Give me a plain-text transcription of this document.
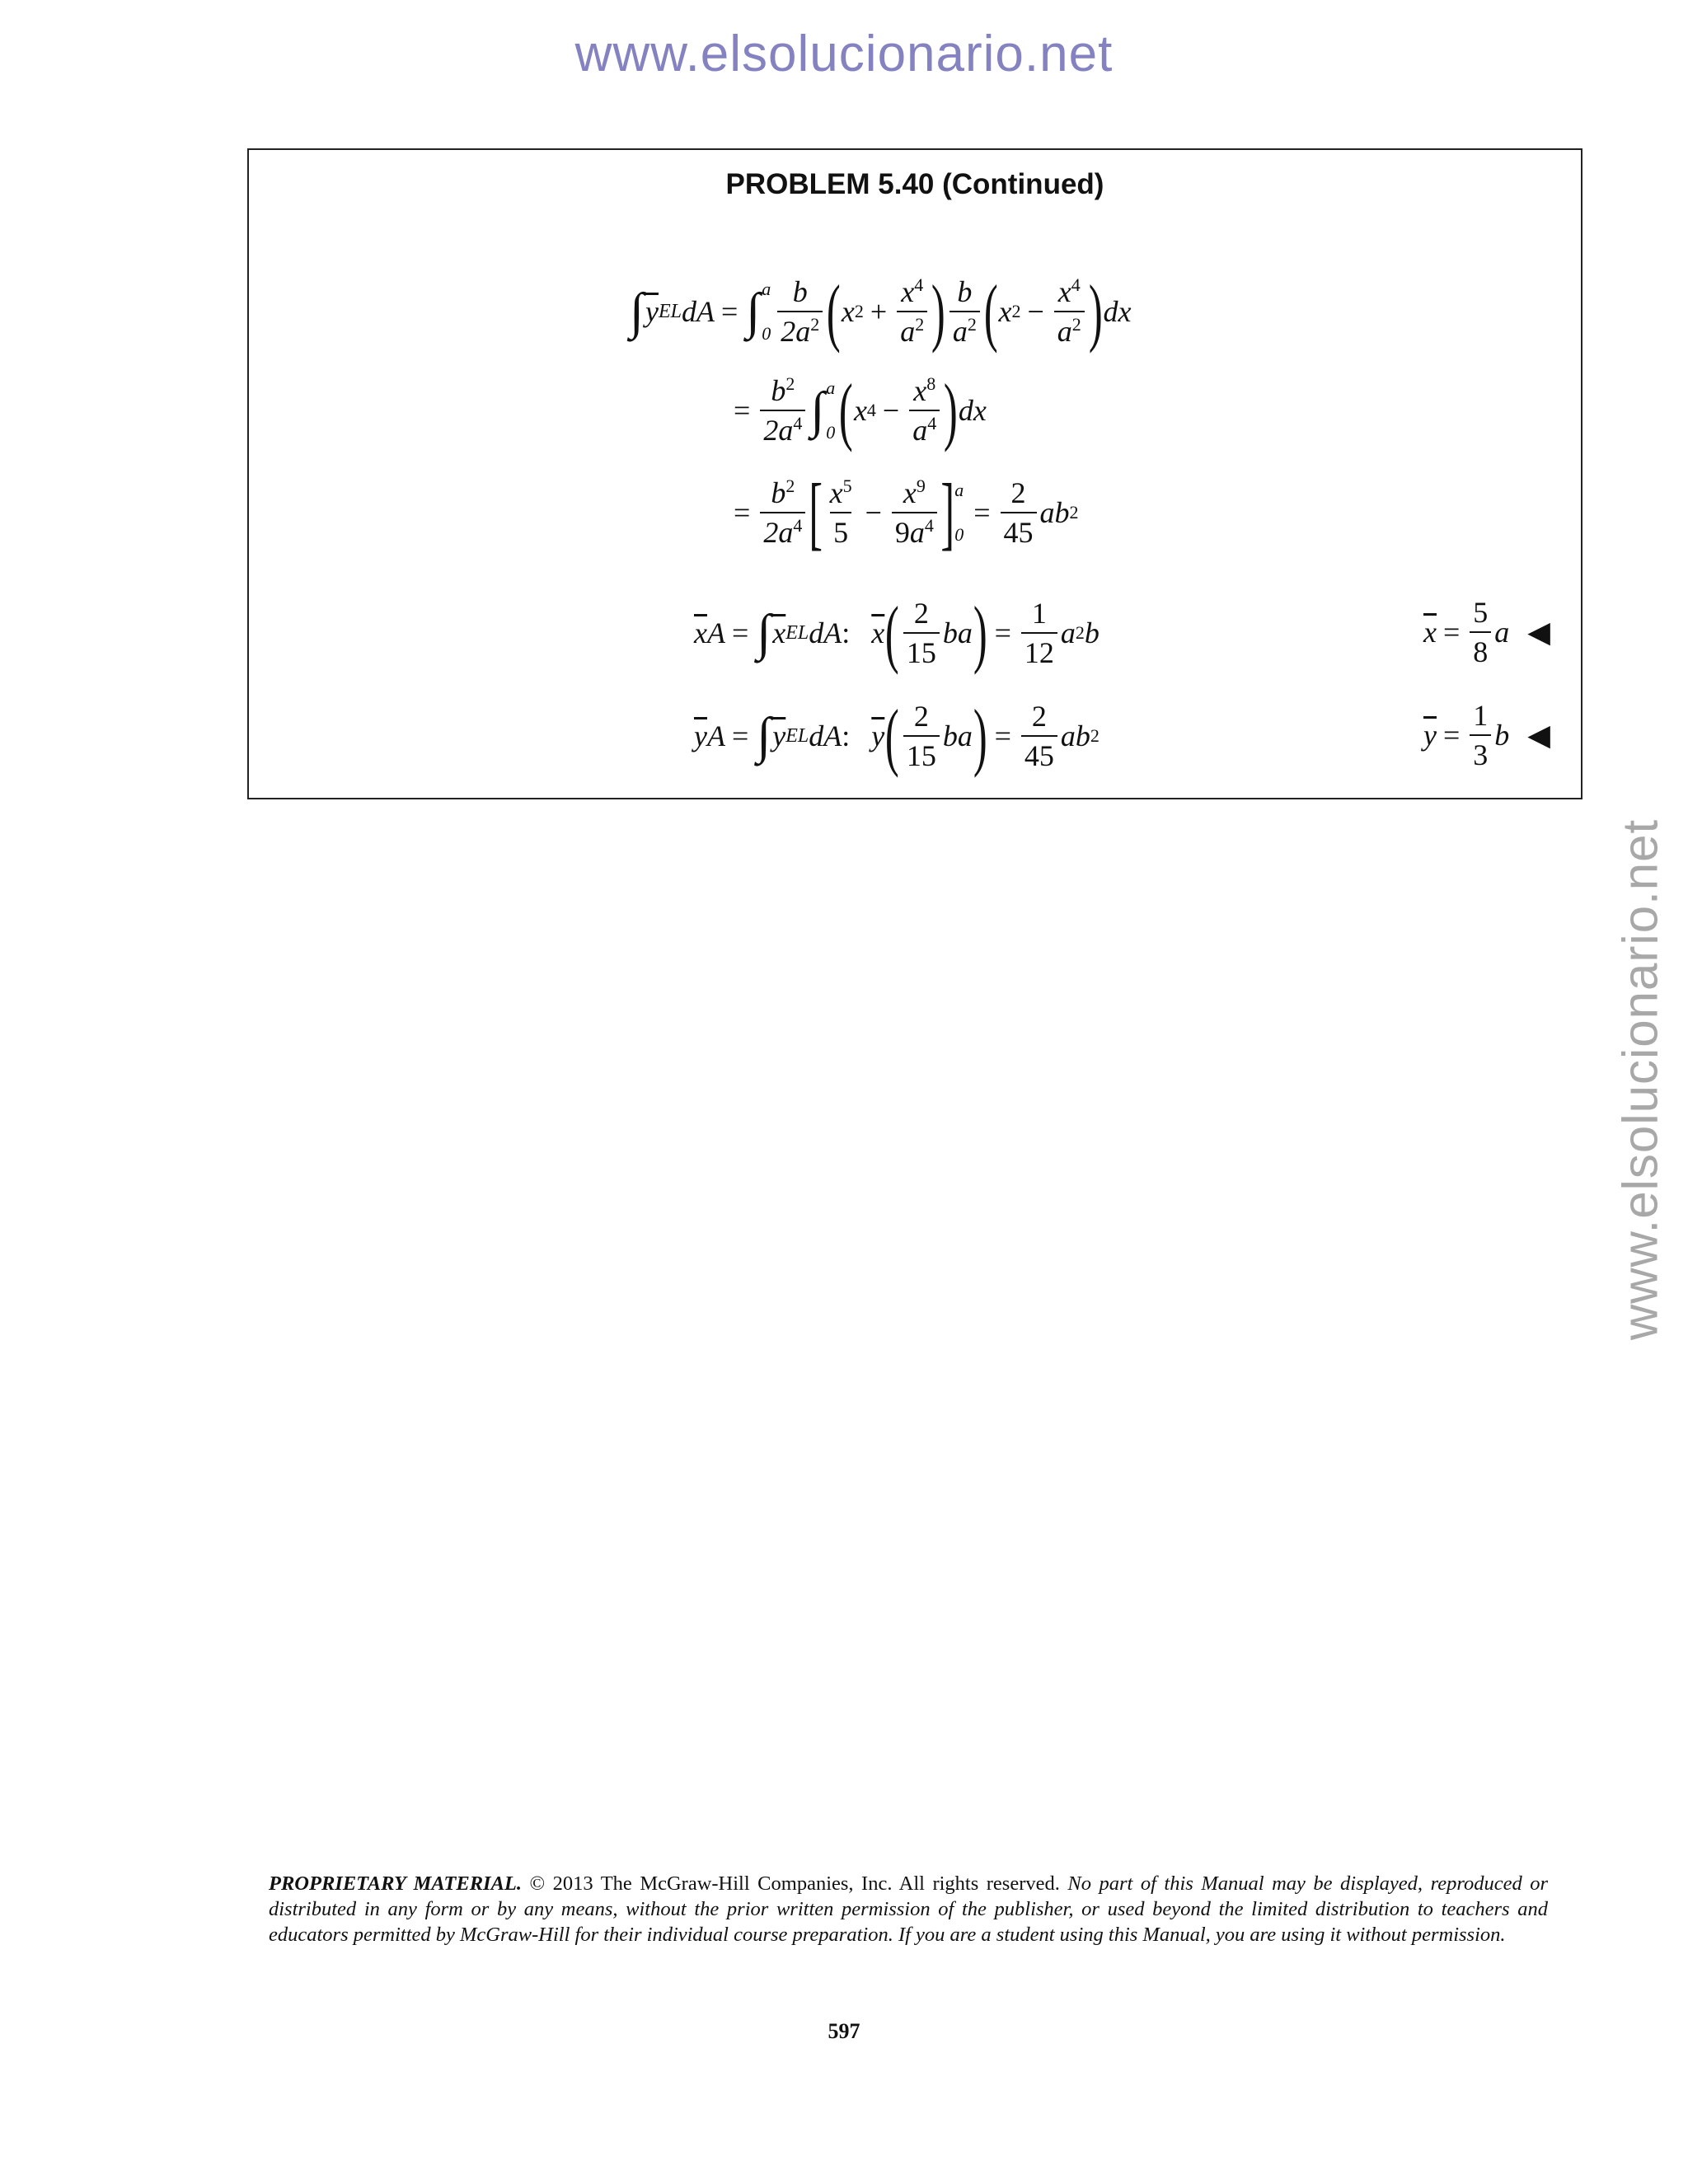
www.elsolucionario.net
www.elsolucionario.net
PROBLEM 5.40 (Continued)
∫ $\overline{y}$ EL dA = ∫ a
$0 \frac{b}{2a^2}$ ( x $2 + \frac{x^4}{a^2}$ ) $\frac{b}{a^2}$ ( x $2 - \frac{x^4}{a^2}$ ) dx
= $\frac{b^2}{2a^4}$ ∫ a
0 ( x $4 - \frac{x^8}{a^4}$ ) dx
= $\frac{b^2}{2a^4}$ [ $\frac{x^5}{5} - \frac{x^9}{9a^4}$ ] a
0
= $\frac{2}{45}$ ab 2
$\overline{x}$ A = ∫ $\overline{x}$ EL dA : $\overline{x}$ ( $\frac{2}{15}$ ba ) = $\frac{1}{12}$ a 2 b
$\overline{y}$ A = ∫ $\overline{y}$ EL dA : $\overline{y}$ ( $\frac{2}{15}$ ba ) = $\frac{2}{45}$ ab 2
$\overline{x} = \frac{5}{8}$ a ◀
$\overline{y} = \frac{1}{3}$ b ◀
PROPRIETARY MATERIAL. © 2013 The McGraw-Hill Companies, Inc. All rights reserved. No part of this Manual may be displayed, reproduced or distributed in any form or by any means, without the prior written permission of the publisher, or used beyond the limited distribution to teachers and educators permitted by McGraw-Hill for their individual course preparation. If you are a student using this Manual, you are using it without permission.
597
